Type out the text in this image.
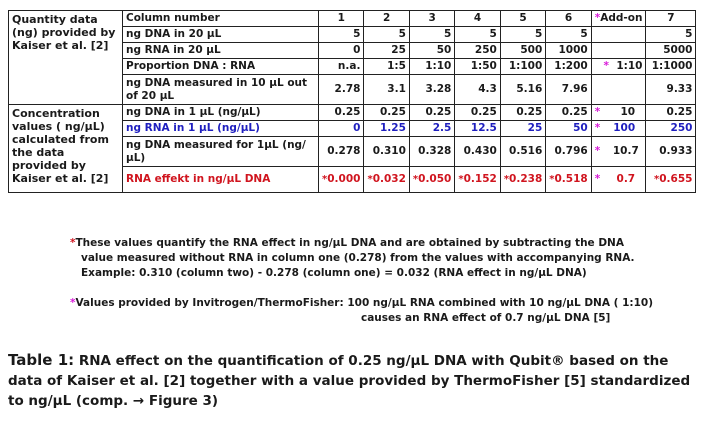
Quantity data (ng) provided by Kaiser et al. [2]	Column number	1	2	3	4	5	6	*Add-on	7
	ng DNA in 20 µL	5	5	5	5	5	5		5
	ng RNA in 20 µL	0	25	50	250	500	1000		5000
	Proportion DNA : RNA	n.a.	1:5	1:10	1:50	1:100	1:200	* 1:10	1:1000
	ng DNA measured in 10 µL out of 20 µL	2.78	3.1	3.28	4.3	5.16	7.96		9.33
Concentration values ( ng/µL) calculated from the data provided by Kaiser et al. [2]	ng DNA in 1 µL (ng/µL)	0.25	0.25	0.25	0.25	0.25	0.25	* 10	0.25
	ng RNA in 1 µL (ng/µL)	0	1.25	2.5	12.5	25	50	* 100	250
	ng DNA measured for 1µL (ng/µL)	0.278	0.310	0.328	0.430	0.516	0.796	* 10.7	0.933
	RNA effekt in ng/µL DNA	*0.000	*0.032	*0.050	*0.152	*0.238	*0.518	* 0.7	*0.655
*These values quantify the RNA effect in ng/µL DNA and are obtained by subtracting the DNA
value measured without RNA in column one (0.278) from the values with accompanying RNA.
Example: 0.310 (column two) - 0.278 (column one) = 0.032 (RNA effect in ng/µL DNA)
*Values provided by Invitrogen/ThermoFisher: 100 ng/µL RNA combined with 10 ng/µL DNA ( 1:10)
causes an RNA effect of 0.7 ng/µL DNA [5]
Table 1: RNA effect on the quantification of 0.25 ng/µL DNA with Qubit® based on the data of Kaiser et al. [2] together with a value provided by ThermoFisher [5] standardized to ng/µL (comp. → Figure 3)
